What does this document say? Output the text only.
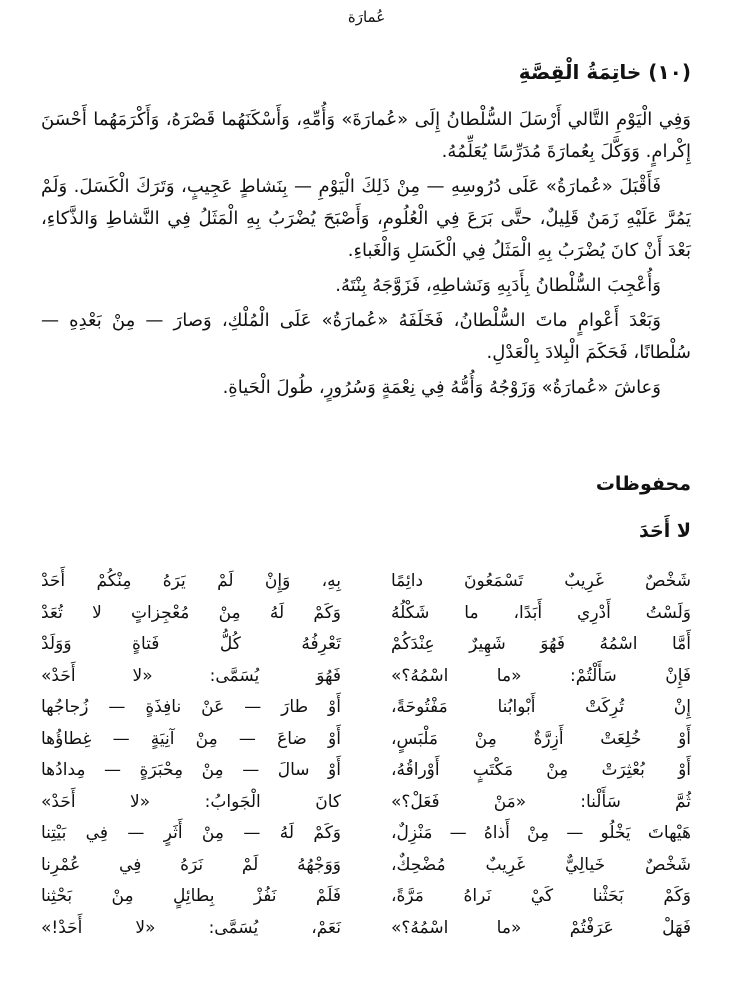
عُمارَة
(١٠) خاتِمَةُ الْقِصَّةِ

وَفِي الْيَوْمِ التَّالي أَرْسَلَ السُّلْطانُ إِلَى «عُمارَةَ» وَأُمِّهِ، وَأَسْكَنَهُما قَصْرَهُ، وَأَكْرَمَهُما أَحْسَنَ إِكْرامٍ. وَوَكَّلَ بِعُمارَةَ مُدَرِّسًا يُعَلِّمُهُ.

فَأَقْبَلَ «عُمارَةُ» عَلَى دُرُوسِهِ — مِنْ ذَلِكَ الْيَوْمِ — بِنَشاطٍ عَجِيبٍ، وَتَرَكَ الْكَسَلَ. وَلَمْ يَمُرَّ عَلَيْهِ زَمَنٌ قَلِيلٌ، حتَّى بَرَعَ فِي الْعُلُومِ، وَأَصْبَحَ يُضْرَبُ بِهِ الْمَثَلُ فِي النَّشاطِ وَالذَّكاءِ، بَعْدَ أَنْ كانَ يُضْرَبُ بِهِ الْمَثَلُ فِي الْكَسَلِ وَالْغَباءِ.

وَأُعْجِبَ السُّلْطانُ بِأَدَبِهِ وَنَشاطِهِ، فَزَوَّجَهُ بِنْتَهُ.

وَبَعْدَ أَعْوامٍ ماتَ السُّلْطانُ، فَخَلَفَهُ «عُمارَةُ» عَلَى الْمُلْكِ، وَصارَ — مِنْ بَعْدِهِ — سُلْطانًا، فَحَكَمَ الْبِلادَ بِالْعَدْلِ.

وَعاشَ «عُمارَةُ» وَزَوْجُهُ وَأُمُّهُ فِي نِعْمَةٍ وَسُرُورٍ، طُولَ الْحَياةِ.

محفوظات
لا أَحَدَ
شَخْصٌ غَرِيبٌ تَسْمَعُونَ دائِمًا
بِهِ، وَإِنْ لَمْ يَرَهُ مِنْكُمْ أَحَدْ
وَلَسْتُ أَدْرِي أَبَدًا، ما شَكْلُهُ
وَكَمْ لَهُ مِنْ مُعْجِزاتٍ لا تُعَدْ
أَمَّا اسْمُهُ فَهُوَ شَهِيرٌ عِنْدَكُمْ
تَعْرِفُهُ كُلُّ فَتاةٍ وَوَلَدْ
فَإِنْ سَأَلْتُمْ: «ما اسْمُهُ؟»
فَهُوَ يُسَمَّى: «لا أَحَدْ»
إِنْ تُرِكَتْ أَبْوابُنا مَفْتُوحَةً،
أَوْ طارَ — عَنْ نافِذَةٍ — زُجاجُها
أَوْ خُلِعَتْ أَزِرَّةٌ مِنْ مَلْبَسٍ،
أَوْ ضاعَ — مِنْ آنِيَةٍ — غِطاؤُها
أَوْ بُعْثِرَتْ مِنْ مَكْتَبٍ أَوْراقُهُ،
أَوْ سالَ — مِنْ مِحْبَرَةٍ — مِدادُها
ثُمَّ سَأَلْنا: «مَنْ فَعَلْ؟»
كانَ الْجَوابُ: «لا أَحَدْ»
هَيْهاتَ يَخْلُو — مِنْ أَذاهُ — مَنْزِلٌ،
وَكَمْ لَهُ — مِنْ أَثَرٍ — فِي بَيْتِنا
شَخْصٌ خَيالِيٌّ غَرِيبٌ مُضْحِكٌ،
وَوَجْهُهُ لَمْ نَرَهُ فِي عُمْرِنا
وَكَمْ بَحَثْنا كَيْ نَراهُ مَرَّةً،
فَلَمْ نَفُزْ بِطائِلٍ مِنْ بَحْثِنا
فَهَلْ عَرَفْتُمْ «ما اسْمُهُ؟»
نَعَمْ، يُسَمَّى: «لا أَحَدْ!»
